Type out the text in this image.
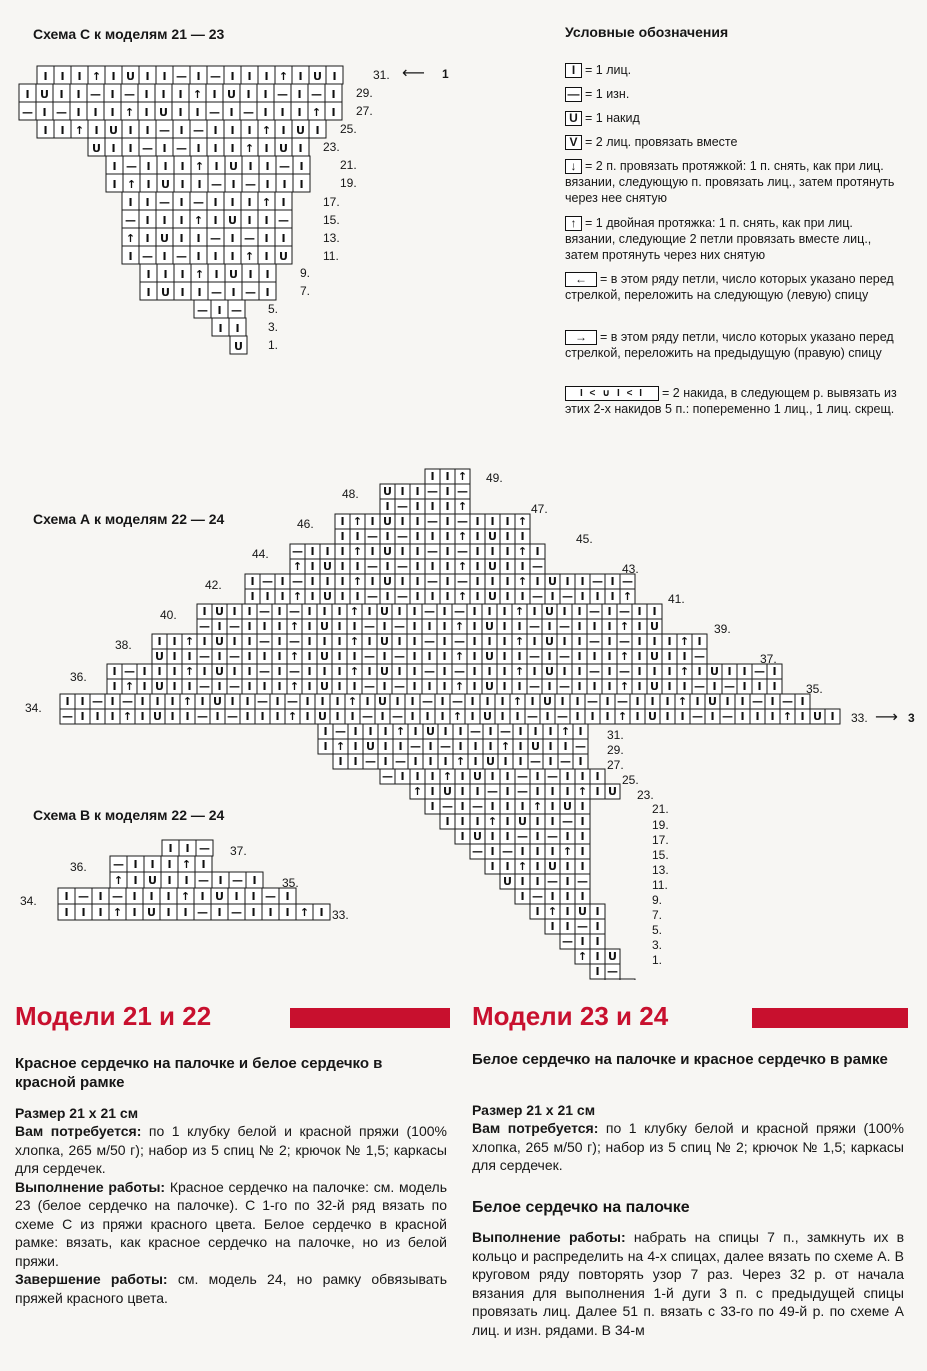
I I I ↑ I U I I — I — I I I ↑ I U I
I U I I — I — I I I ↑ I U I I — I — I
— I — I I I ↑ I U I I — I — I I I ↑ I
I I ↑ I U I I — I — I I I ↑ I U I
U I I — I — I I I ↑ I U I
I — I I I ↑ I U I I — I
I ↑ I U I I — I — I I I
I I — I — I I I ↑ I
— I I I ↑ I U I I —
↑ I U I I — I — I I
I — I — I I I ↑ I U
I I I ↑ I U I I
I U I I — I — I
— I —
I I
U
I I ↑
U I I — I —
I — I I I ↑
I ↑ I U I I — I — I I I ↑
I I — I — I I I ↑ I U I I
— I I I ↑ I U I I — I — I I I ↑ I
↑ I U I I — I — I I I ↑ I U I I —
I — I — I I I ↑ I U I I — I — I I I ↑ I U I I — I —
I I I ↑ I U I I — I — I I I ↑ I U I I — I — I I I ↑
I U I I — I — I I I ↑ I U I I — I — I I I ↑ I U I I — I — I I
— I — I I I ↑ I U I I — I — I I I ↑ I U I I — I — I I I ↑ I U
I I ↑ I U I I — I — I I I ↑ I U I I — I — I I I ↑ I U I I — I — I I I ↑ I
U I I — I — I I I ↑ I U I I — I — I I I ↑ I U I I — I — I I I ↑ I U I I —
I — I I I ↑ I U I I — I — I I I ↑ I U I I — I — I I I ↑ I U I I — I — I I I ↑ I U I I — I
I ↑ I U I I — I — I I I ↑ I U I I — I — I I I ↑ I U I I — I — I I I ↑ I U I I — I — I I I
I I — I — I I I ↑ I U I I — I — I I I ↑ I U I I — I — I I I ↑ I U I I — I — I I I ↑ I U I I — I — I
— I I I ↑ I U I I — I — I I I ↑ I U I I — I — I I I ↑ I U I I — I — I I I ↑ I U I I — I — I I I ↑ I U I
I — I I I ↑ I U I I — I — I I I ↑ I
I ↑ I U I I — I — I I I ↑ I U I I —
I I — I — I I I ↑ I U I I — I — I
— I I I ↑ I U I I — I — I I I
↑ I U I I — I — I I I ↑ I U
I — I — I I I ↑ I U I
I I I ↑ I U I I — I
I U I I — I — I I
— I — I I I ↑ I
I I ↑ I U I I
U I I — I —
I — I I I
I ↑ I U I
I I — I
— I I
↑ I U
I —
I I —
— I I I ↑ I
↑ I U I I — I — I
I — I — I I I ↑ I U I I — I
I I I ↑ I U I I — I — I I I ↑ I
Схема С к моделям 21 — 23
31.
29.
27.
25.
23.
21.
19.
17.
15.
13.
11.
9.
7.
5.
3.
1.
⟵ 1
Условные обозначения
I = 1 лиц.
— = 1 изн.
U = 1 накид
V = 2 лиц. провязать вместе
↓ = 2 п. провязать протяжкой: 1 п. снять, как при лиц. вязании, следующую п. провязать лиц., затем протянуть через нее снятую
↑ = 1 двойная протяжка: 1 п. снять, как при лиц. вязании, следующие 2 петли провязать вместе лиц., затем протянуть через них снятую
← = в этом ряду петли, число которых указано перед стрелкой, переложить на следующую (левую) спицу
→ = в этом ряду петли, число которых указано перед стрелкой, переложить на предыдущую (правую) спицу
I < ∪ I < I = 2 накида, в следующем р. вывязать из этих 2-х накидов 5 п.: попеременно 1 лиц., 1 лиц. скрещ.
Схема А к моделям 22 — 24
48.
46.
44.
42.
40.
38.
36.
34.
49.
47.
45.
43.
41.
39.
37.
35.
33.
31.
29.
27.
25.
23.
21.
19.
17.
15.
13.
11.
9.
7.
5.
3.
1.
⟶ 3
Схема В к моделям 22 — 24
37.
36.
35.
34.
33.
Модели 21 и 22
Красное сердечко на палочке и белое сердечко в красной рамке
Размер 21 х 21 см
Вам потребуется: по 1 клубку белой и красной пряжи (100% хлопка, 265 м/50 г); набор из 5 спиц № 2; крючок № 1,5; каркасы для сердечек.
Выполнение работы: Красное сердечко на палочке: см. модель 23 (белое сердечко на палочке). С 1-го по 32-й ряд вязать по схеме С из пряжи красного цвета. Белое сердечко в красной рамке: вязать, как красное сердечко на палочке, но из белой пряжи.
Завершение работы: см. модель 24, но рамку обвязывать пряжей красного цвета.
Модели 23 и 24
Белое сердечко на палочке и красное сердечко в рамке
Размер 21 х 21 см
Вам потребуется: по 1 клубку белой и красной пряжи (100% хлопка, 265 м/50 г); набор из 5 спиц № 2; крючок № 1,5; каркасы для сердечек.
Белое сердечко на палочке
Выполнение работы: набрать на спицы 7 п., замкнуть их в кольцо и распределить на 4-х спицах, далее вязать по схеме А. В круговом ряду повторять узор 7 раз. Через 32 р. от начала вязания для выполнения 1-й дуги 3 п. с предыдущей спицы провязать лиц. Далее 51 п. вязать с 33-го по 49-й р. по схеме А лиц. и изн. рядами. В 34-м
